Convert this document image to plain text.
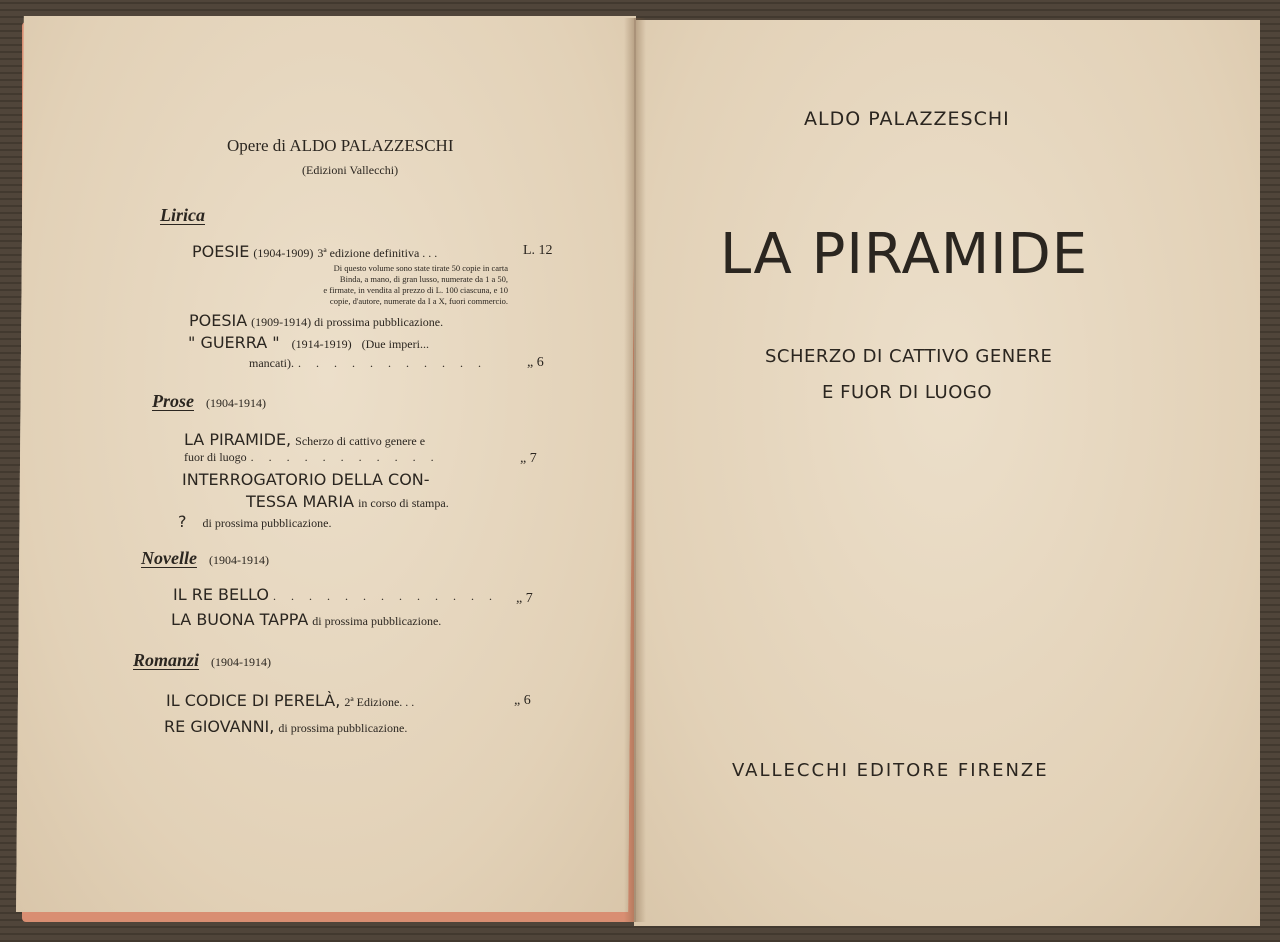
Opere di ALDO PALAZZESCHI
(Edizioni Vallecchi)
Lirica
POESIE (1904-1909) 3ª edizione definitiva . . .	L. 12
Di questo volume sono state tirate 50 copie in carta
Binda, a mano, di gran lusso, numerate da 1 a 50,
e firmate, in vendita al prezzo di L. 100 ciascuna, e 10
copie, d'autore, numerate da I a X, fuori commercio.
POESIA (1909-1914) di prossima pubblicazione.
" GUERRA " (1914-1919) (Due imperi...
mancati). . . . . . . . . . . .	„ 6
Prose (1904-1914)
LA PIRAMIDE, Scherzo di cattivo genere e
fuor di luogo . . . . . . . . . . .	„ 7
INTERROGATORIO DELLA CON-
TESSA MARIA in corso di stampa.
? di prossima pubblicazione.
Novelle (1904-1914)
IL RE BELLO . . . . . . . . . . . . . „ 7
LA BUONA TAPPA di prossima pubblicazione.
Romanzi (1904-1914)
IL CODICE DI PERELÀ, 2ª Edizione. . .	„ 6
RE GIOVANNI, di prossima pubblicazione.
ALDO PALAZZESCHI
LA PIRAMIDE
SCHERZO DI CATTIVO GENERE
E FUOR DI LUOGO
VALLECCHI EDITORE FIRENZE
